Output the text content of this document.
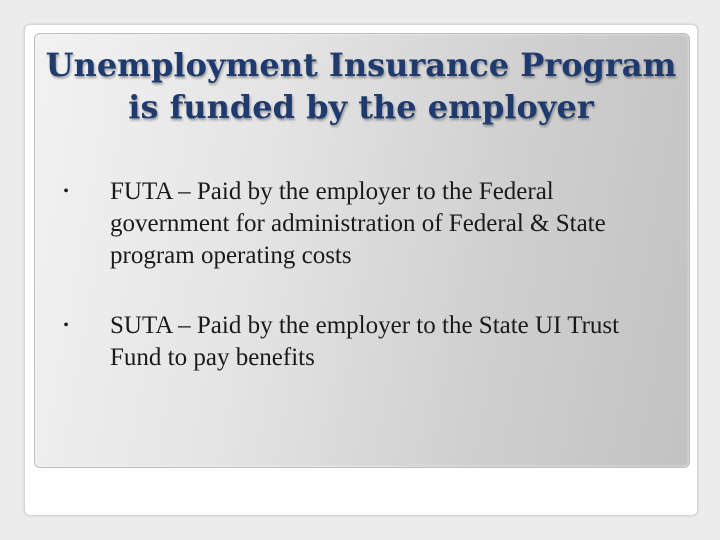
Unemployment Insurance Program
is funded by the employer
• FUTA – Paid by the employer to the Federal government for administration of Federal & State program operating costs
• SUTA – Paid by the employer to the State UI Trust Fund to pay benefits
